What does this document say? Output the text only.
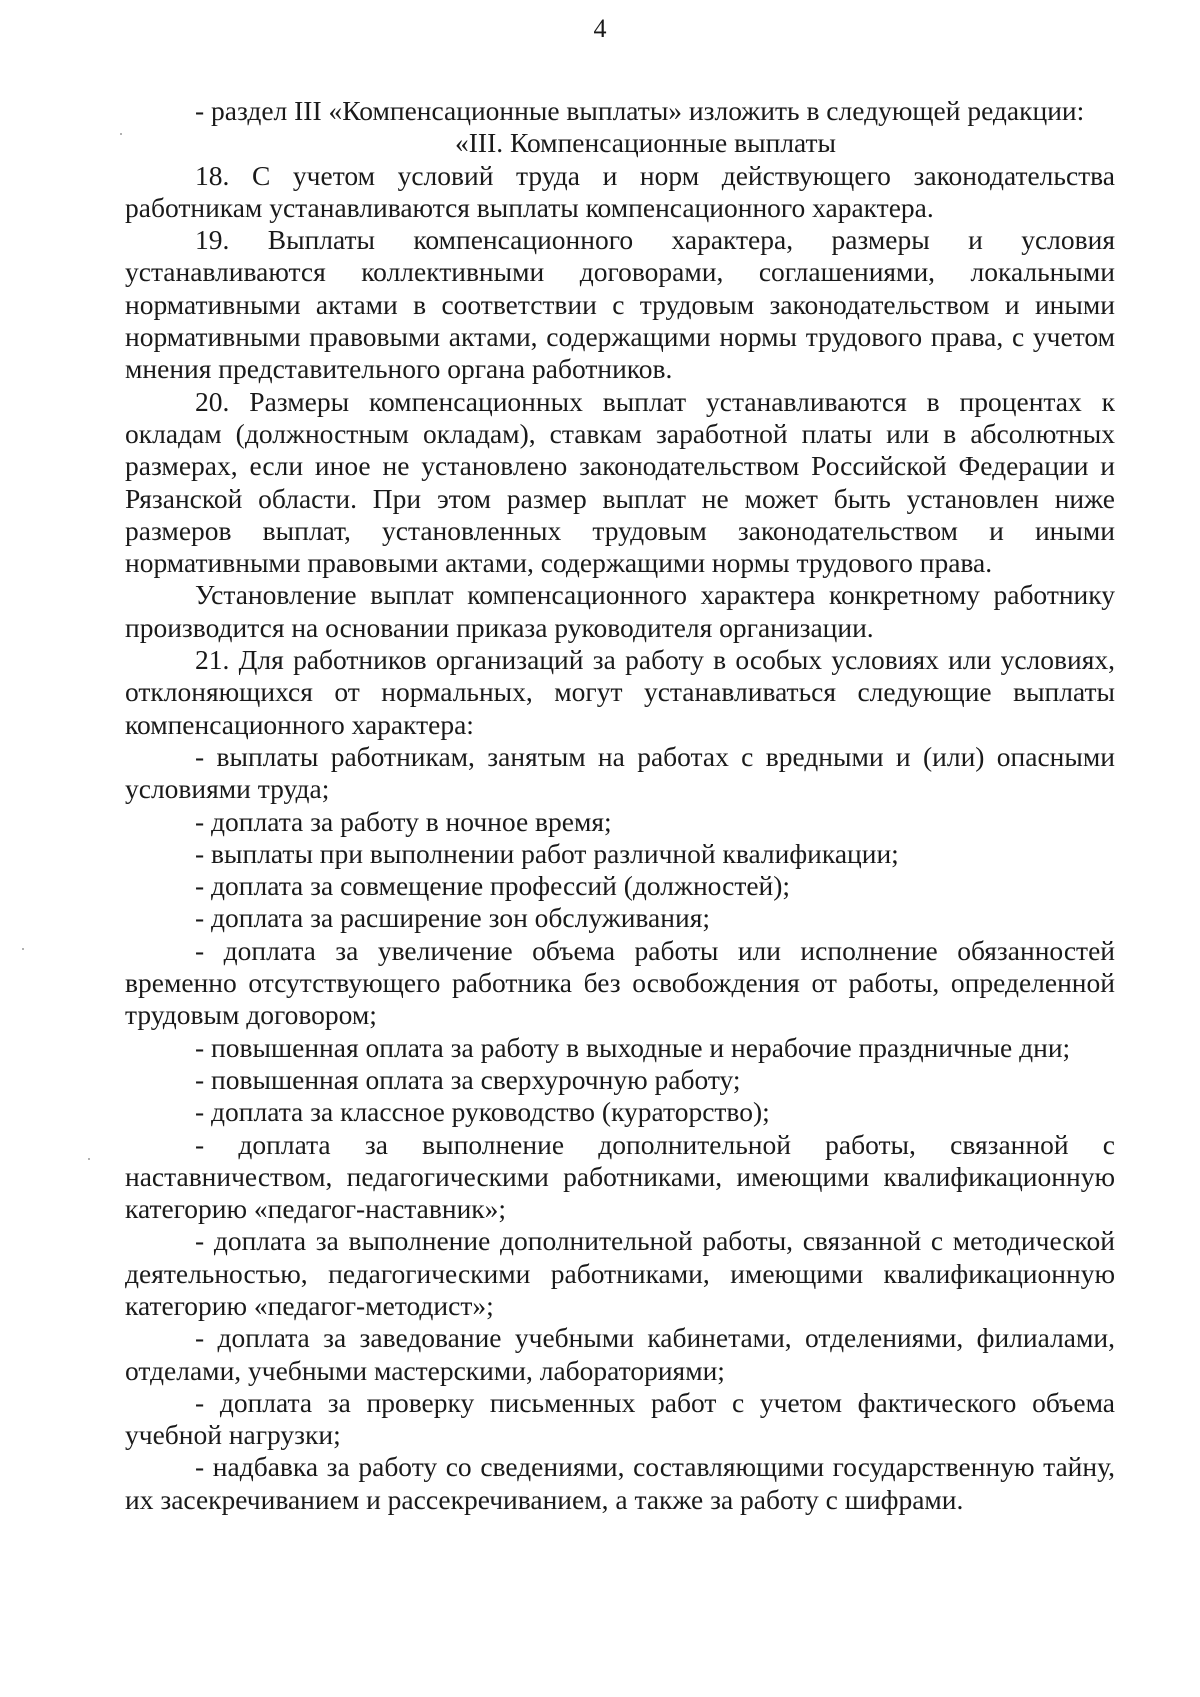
4

- раздел III «Компенсационные выплаты» изложить в следующей редакции:

«III. Компенсационные выплаты

18. С учетом условий труда и норм действующего законодательства работникам устанавливаются выплаты компенсационного характера.

19. Выплаты компенсационного характера, размеры и условия устанавливаются коллективными договорами, соглашениями, локальными нормативными актами в соответствии с трудовым законодательством и иными нормативными правовыми актами, содержащими нормы трудового права, с учетом мнения представительного органа работников.

20. Размеры компенсационных выплат устанавливаются в процентах к окладам (должностным окладам), ставкам заработной платы или в абсолютных размерах, если иное не установлено законодательством Российской Федерации и Рязанской области. При этом размер выплат не может быть установлен ниже размеров выплат, установленных трудовым законодательством и иными нормативными правовыми актами, содержащими нормы трудового права.

Установление выплат компенсационного характера конкретному работнику производится на основании приказа руководителя организации.

21. Для работников организаций за работу в особых условиях или условиях, отклоняющихся от нормальных, могут устанавливаться следующие выплаты компенсационного характера:

- выплаты работникам, занятым на работах с вредными и (или) опасными условиями труда;

- доплата за работу в ночное время;

- выплаты при выполнении работ различной квалификации;

- доплата за совмещение профессий (должностей);

- доплата за расширение зон обслуживания;

- доплата за увеличение объема работы или исполнение обязанностей временно отсутствующего работника без освобождения от работы, определенной трудовым договором;

- повышенная оплата за работу в выходные и нерабочие праздничные дни;

- повышенная оплата за сверхурочную работу;

- доплата за классное руководство (кураторство);

- доплата за выполнение дополнительной работы, связанной с наставничеством, педагогическими работниками, имеющими квалификационную категорию «педагог-наставник»;

- доплата за выполнение дополнительной работы, связанной с методической деятельностью, педагогическими работниками, имеющими квалификационную категорию «педагог-методист»;

- доплата за заведование учебными кабинетами, отделениями, филиалами, отделами, учебными мастерскими, лабораториями;

- доплата за проверку письменных работ с учетом фактического объема учебной нагрузки;

- надбавка за работу со сведениями, составляющими государственную тайну, их засекречиванием и рассекречиванием, а также за работу с шифрами.
